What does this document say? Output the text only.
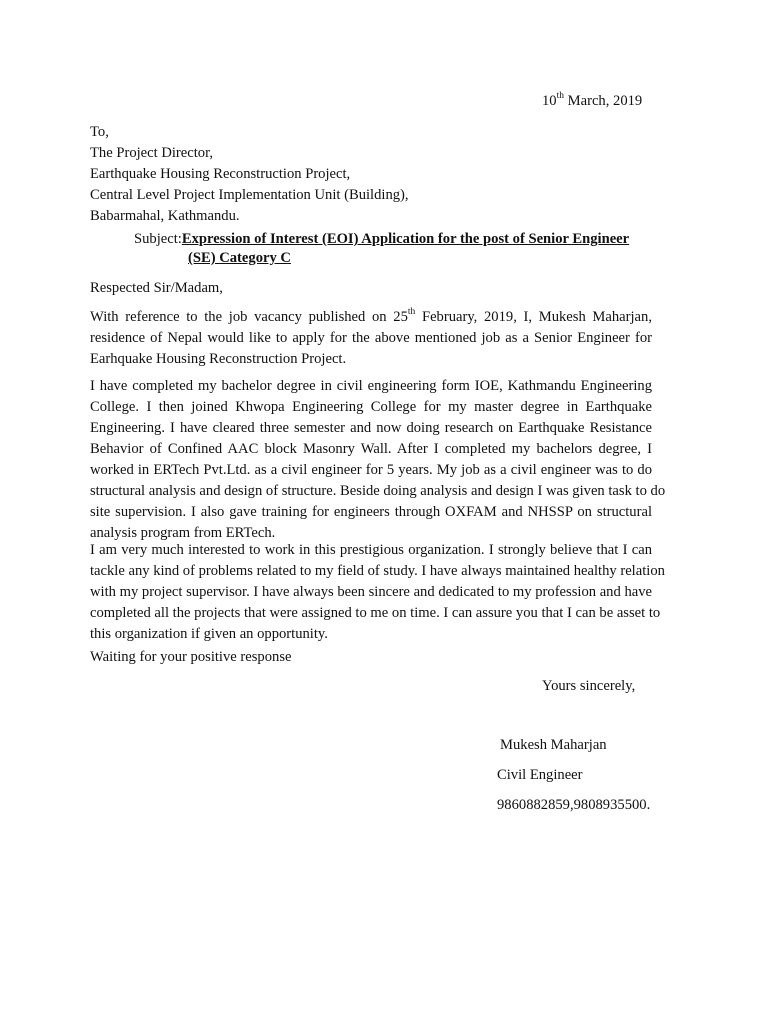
10th March, 2019
To,
The Project Director,
Earthquake Housing Reconstruction Project,
Central Level Project Implementation Unit (Building),
Babarmahal, Kathmandu.
Subject:Expression of Interest (EOI) Application for the post of Senior Engineer
(SE) Category C
Respected Sir/Madam,
With reference to the job vacancy published on 25th February, 2019, I, Mukesh Maharjan,
residence of Nepal would like to apply for the above mentioned job as a Senior Engineer for
Earhquake Housing Reconstruction Project.
I have completed my bachelor degree in civil engineering form IOE, Kathmandu Engineering
College. I then joined Khwopa Engineering College for my master degree in Earthquake
Engineering. I have cleared three semester and now doing research on Earthquake Resistance
Behavior of Confined AAC block Masonry Wall. After I completed my bachelors degree, I
worked in ERTech Pvt.Ltd. as a civil engineer for 5 years. My job as a civil engineer was to do
structural analysis and design of structure. Beside doing analysis and design I was given task to do
site supervision. I also gave training for engineers through OXFAM and NHSSP on structural
analysis program from ERTech.
I am very much interested to work in this prestigious organization. I strongly believe that I can
tackle any kind of problems related to my field of study. I have always maintained healthy relation
with my project supervisor. I have always been sincere and dedicated to my profession and have
completed all the projects that were assigned to me on time. I can assure you that I can be asset to
this organization if given an opportunity.
Waiting for your positive response
Yours sincerely,
Mukesh Maharjan
Civil Engineer
9860882859,9808935500.
